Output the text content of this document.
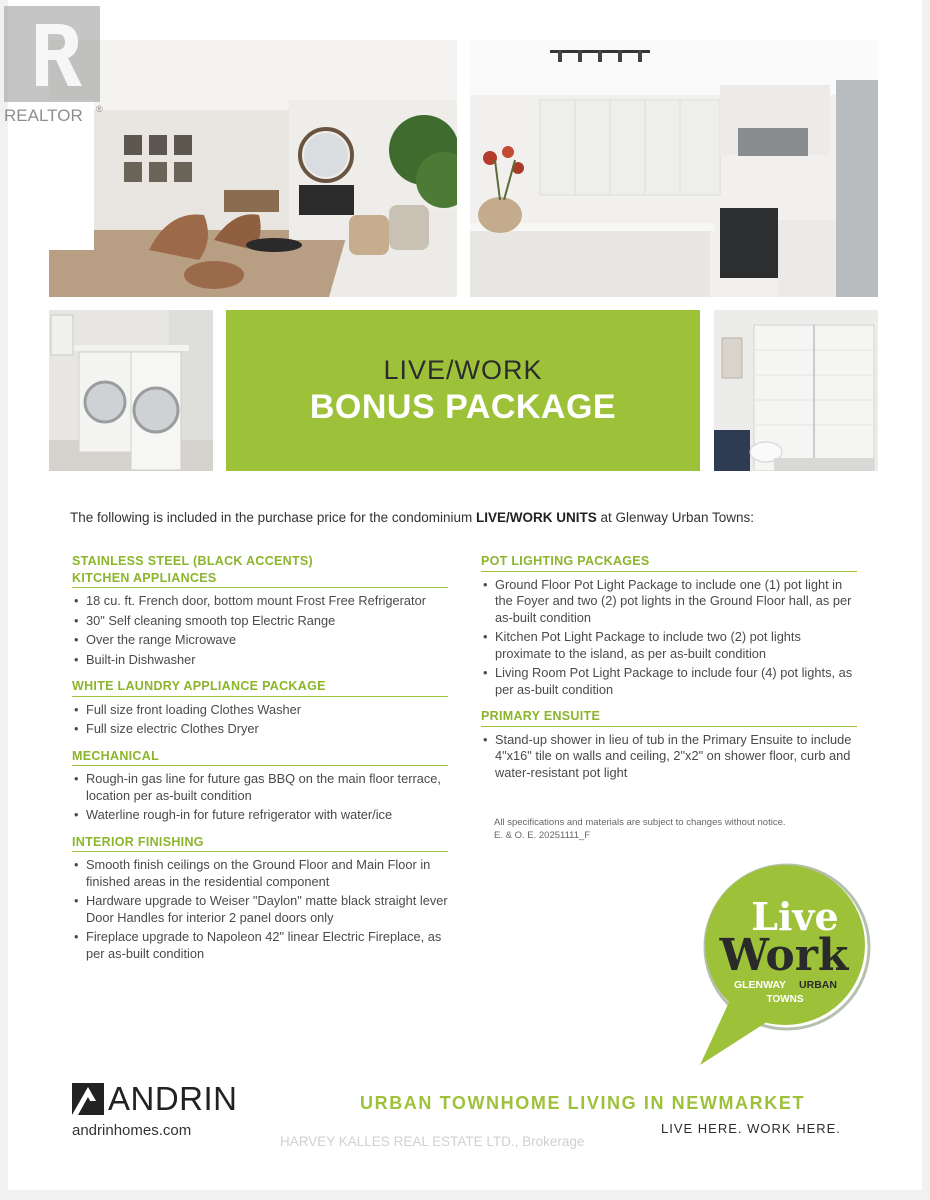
LIVE/WORK
BONUS PACKAGE
REALTOR ®
The following is included in the purchase price for the condominium LIVE/WORK UNITS at Glenway Urban Towns:
STAINLESS STEEL (BLACK ACCENTS)
KITCHEN APPLIANCES
• 18 cu. ft. French door, bottom mount Frost Free Refrigerator
• 30" Self cleaning smooth top Electric Range
• Over the range Microwave
• Built-in Dishwasher
WHITE LAUNDRY APPLIANCE PACKAGE
• Full size front loading Clothes Washer
• Full size electric Clothes Dryer
MECHANICAL
• Rough-in gas line for future gas BBQ on the main floor terrace, location per as-built condition
• Waterline rough-in for future refrigerator with water/ice
INTERIOR FINISHING
• Smooth finish ceilings on the Ground Floor and Main Floor in finished areas in the residential component
• Hardware upgrade to Weiser "Daylon" matte black straight lever Door Handles for interior 2 panel doors only
• Fireplace upgrade to Napoleon 42" linear Electric Fireplace, as per as-built condition
POT LIGHTING PACKAGES
• Ground Floor Pot Light Package to include one (1) pot light in the Foyer and two (2) pot lights in the Ground Floor hall, as per as-built condition
• Kitchen Pot Light Package to include two (2) pot lights proximate to the island, as per as-built condition
• Living Room Pot Light Package to include four (4) pot lights, as per as-built condition
PRIMARY ENSUITE
• Stand-up shower in lieu of tub in the Primary Ensuite to include 4"x16" tile on walls and ceiling, 2"x2" on shower floor, curb and water-resistant pot light
All specifications and materials are subject to changes without notice.
E. & O. E. 20251111_F
Live
Work
GLENWAY URBAN
TOWNS
ANDRIN
andrinhomes.com
URBAN TOWNHOME LIVING IN NEWMARKET
HARVEY KALLES REAL ESTATE LTD., Brokerage
LIVE HERE. WORK HERE.
